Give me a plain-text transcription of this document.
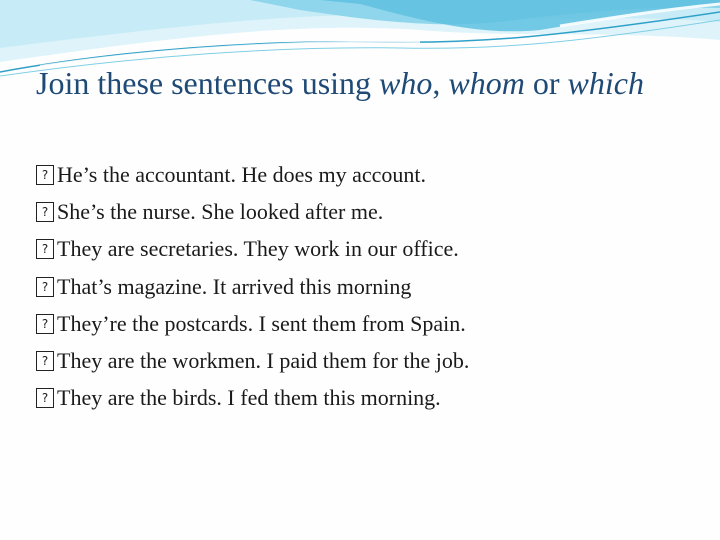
Join these sentences using who, whom or which
? He’s the accountant. He does my account.
? She’s the nurse. She looked after me.
? They are secretaries. They work in our office.
? That’s magazine. It arrived this morning
? They’re the postcards. I sent them from Spain.
? They are the workmen. I paid them for the job.
? They are the birds. I fed them this morning.
